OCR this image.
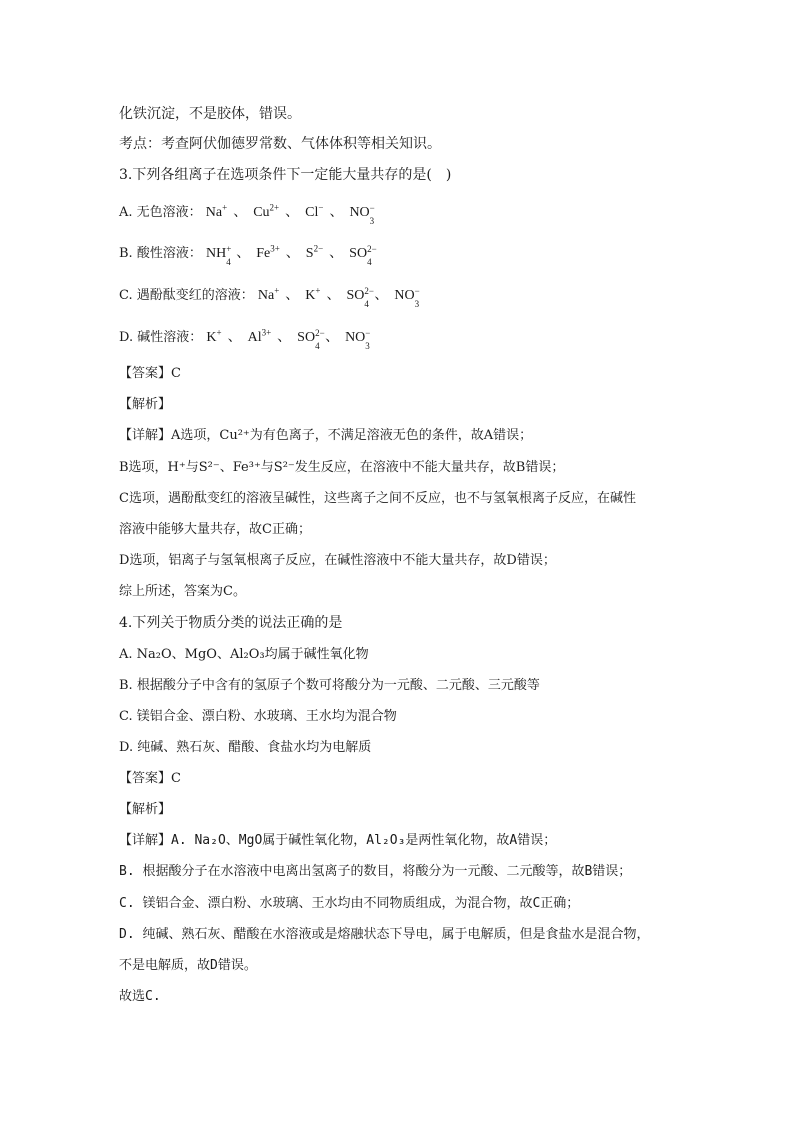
化铁沉淀，不是胶体，错误。
考点：考查阿伏伽德罗常数、气体体积等相关知识。
3.下列各组离子在选项条件下一定能大量共存的是(　)
A. 无色溶液： Na+ 、 $Cu^{2+}$ 、 Cl− 、 NO −
3
B. 酸性溶液： NH +
4
、 $Fe^{3+}$ 、 $S^{2-}$ 、 SO 2−
4
C. 遇酚酞变红的溶液： Na+ 、 K+ 、 SO 2−
4
、 NO −
3
D. 碱性溶液： K+ 、 $Al^{3+}$ 、 SO 2−
4
、 NO −
3
【答案】C
【解析】
【详解】A选项，Cu²⁺为有色离子，不满足溶液无色的条件，故A错误；
B选项，H⁺与S²⁻、Fe³⁺与S²⁻发生反应，在溶液中不能大量共存，故B错误；
C选项，遇酚酞变红的溶液呈碱性，这些离子之间不反应，也不与氢氧根离子反应，在碱性
溶液中能够大量共存，故C正确；
D选项，铝离子与氢氧根离子反应，在碱性溶液中不能大量共存，故D错误；
综上所述，答案为C。
4.下列关于物质分类的说法正确的是
A. Na₂O、MgO、Al₂O₃均属于碱性氧化物
B. 根据酸分子中含有的氢原子个数可将酸分为一元酸、二元酸、三元酸等
C. 镁铝合金、漂白粉、水玻璃、王水均为混合物
D. 纯碱、熟石灰、醋酸、食盐水均为电解质
【答案】C
【解析】
【详解】A. Na₂O、MgO属于碱性氧化物，Al₂O₃是两性氧化物，故A错误；
B. 根据酸分子在水溶液中电离出氢离子的数目，将酸分为一元酸、二元酸等，故B错误；
C. 镁铝合金、漂白粉、水玻璃、王水均由不同物质组成，为混合物，故C正确；
D. 纯碱、熟石灰、醋酸在水溶液或是熔融状态下导电，属于电解质，但是食盐水是混合物，
不是电解质，故D错误。
故选C.
